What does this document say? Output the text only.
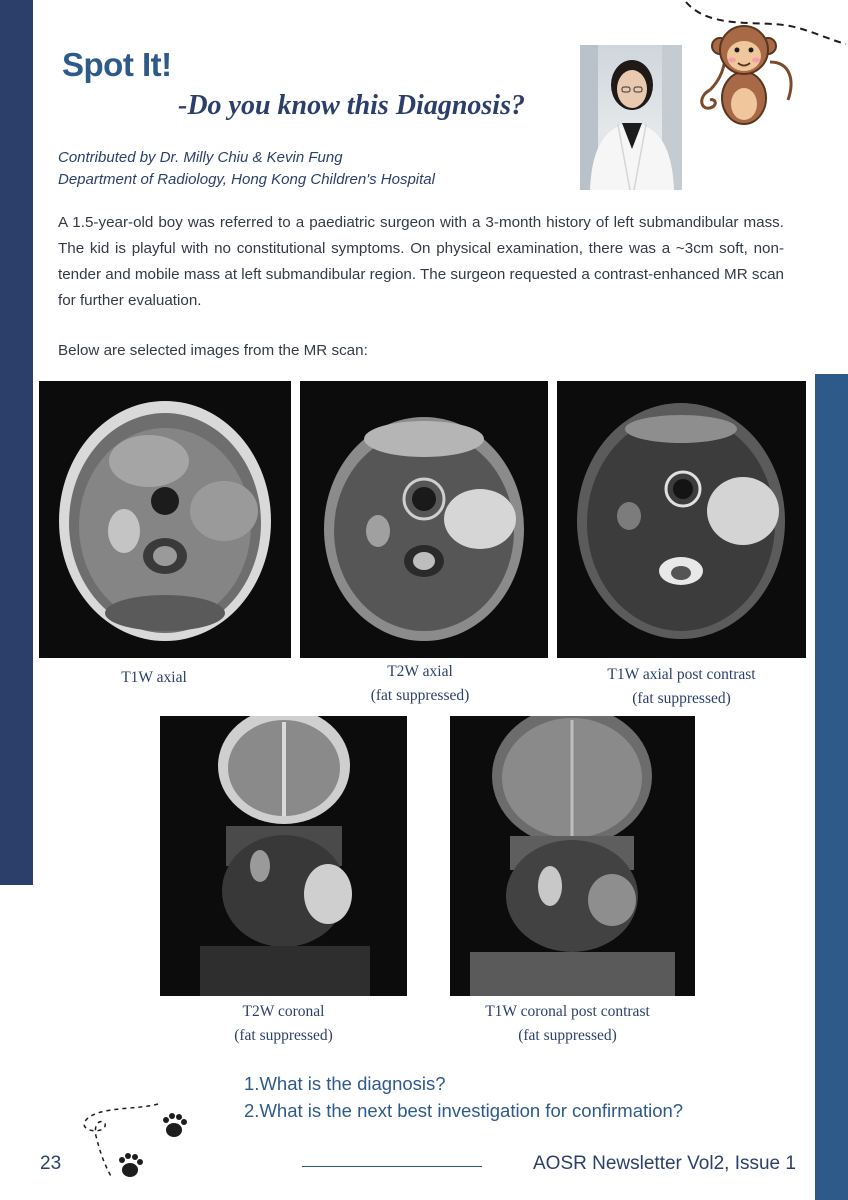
Spot It!
-Do you know this Diagnosis?
Contributed by Dr. Milly Chiu & Kevin Fung
Department of Radiology, Hong Kong Children's Hospital

A 1.5-year-old boy was referred to a paediatric surgeon with a 3-month history of left submandibular mass. The kid is playful with no constitutional symptoms. On physical examination, there was a ~3cm soft, non-tender and mobile mass at left submandibular region. The surgeon requested a contrast-enhanced MR scan for further evaluation.

Below are selected images from the MR scan:

T1W axial	T2W axial
(fat suppressed)
T1W axial post contrast
(fat suppressed)
T2W coronal
(fat suppressed)
T1W coronal post contrast
(fat suppressed)
1.What is the diagnosis?
2.What is the next best investigation for confirmation?
23	AOSR Newsletter Vol2, Issue 1
